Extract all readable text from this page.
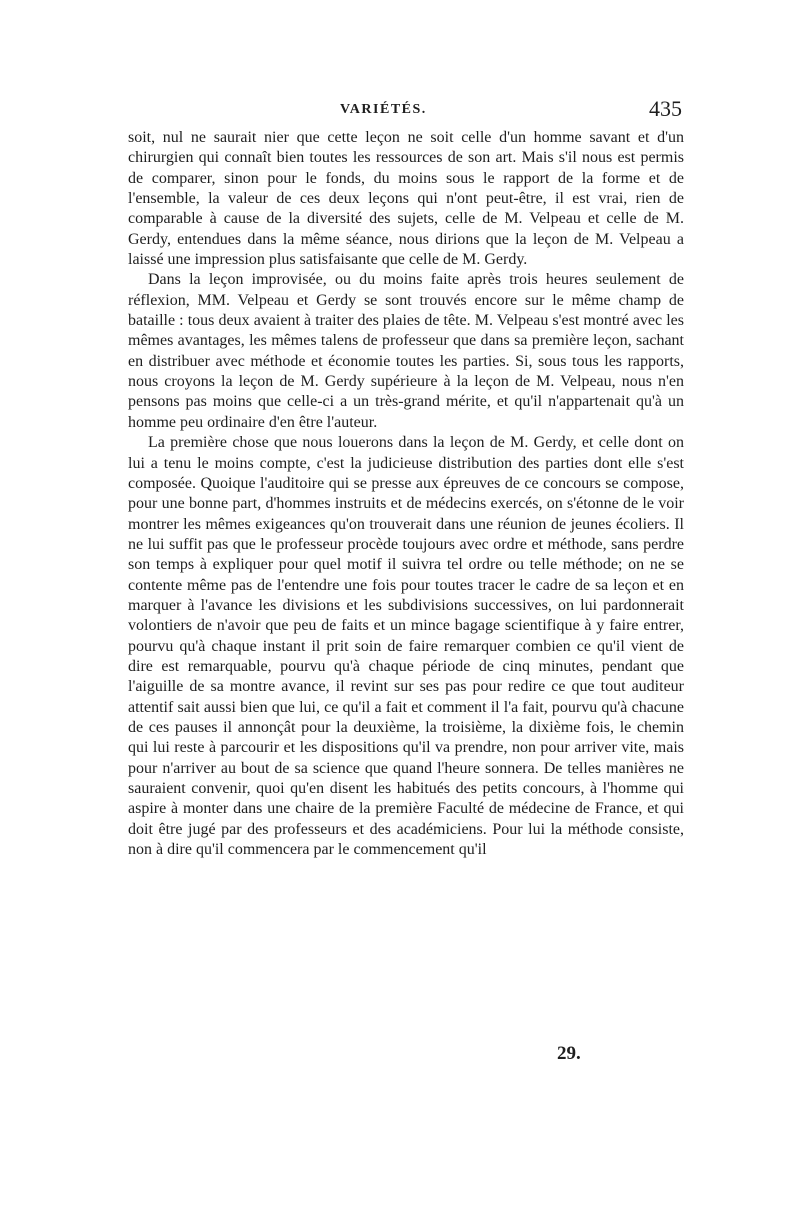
VARIÉTÉS.	435

soit, nul ne saurait nier que cette leçon ne soit celle d'un homme savant et d'un chirurgien qui connaît bien toutes les ressources de son art. Mais s'il nous est permis de comparer, sinon pour le fonds, du moins sous le rapport de la forme et de l'ensemble, la valeur de ces deux leçons qui n'ont peut-être, il est vrai, rien de comparable à cause de la diversité des sujets, celle de M. Velpeau et celle de M. Gerdy, entendues dans la même séance, nous dirions que la leçon de M. Velpeau a laissé une impression plus satisfaisante que celle de M. Gerdy.

Dans la leçon improvisée, ou du moins faite après trois heures seulement de réflexion, MM. Velpeau et Gerdy se sont trouvés encore sur le même champ de bataille : tous deux avaient à traiter des plaies de tête. M. Velpeau s'est montré avec les mêmes avantages, les mêmes talens de professeur que dans sa première leçon, sachant en distribuer avec méthode et économie toutes les parties. Si, sous tous les rapports, nous croyons la leçon de M. Gerdy supérieure à la leçon de M. Velpeau, nous n'en pensons pas moins que celle-ci a un très-grand mérite, et qu'il n'appartenait qu'à un homme peu ordinaire d'en être l'auteur.

La première chose que nous louerons dans la leçon de M. Gerdy, et celle dont on lui a tenu le moins compte, c'est la judicieuse distribution des parties dont elle s'est composée. Quoique l'auditoire qui se presse aux épreuves de ce concours se compose, pour une bonne part, d'hommes instruits et de médecins exercés, on s'étonne de le voir montrer les mêmes exigeances qu'on trouverait dans une réunion de jeunes écoliers. Il ne lui suffit pas que le professeur procède toujours avec ordre et méthode, sans perdre son temps à expliquer pour quel motif il suivra tel ordre ou telle méthode; on ne se contente même pas de l'entendre une fois pour toutes tracer le cadre de sa leçon et en marquer à l'avance les divisions et les subdivisions successives, on lui pardonnerait volontiers de n'avoir que peu de faits et un mince bagage scientifique à y faire entrer, pourvu qu'à chaque instant il prit soin de faire remarquer combien ce qu'il vient de dire est remarquable, pourvu qu'à chaque période de cinq minutes, pendant que l'aiguille de sa montre avance, il revint sur ses pas pour redire ce que tout auditeur attentif sait aussi bien que lui, ce qu'il a fait et comment il l'a fait, pourvu qu'à chacune de ces pauses il annonçât pour la deuxième, la troisième, la dixième fois, le chemin qui lui reste à parcourir et les dispositions qu'il va prendre, non pour arriver vite, mais pour n'arriver au bout de sa science que quand l'heure sonnera. De telles manières ne sauraient convenir, quoi qu'en disent les habitués des petits concours, à l'homme qui aspire à monter dans une chaire de la première Faculté de médecine de France, et qui doit être jugé par des professeurs et des académiciens. Pour lui la méthode consiste, non à dire qu'il commencera par le commencement qu'il

29.
